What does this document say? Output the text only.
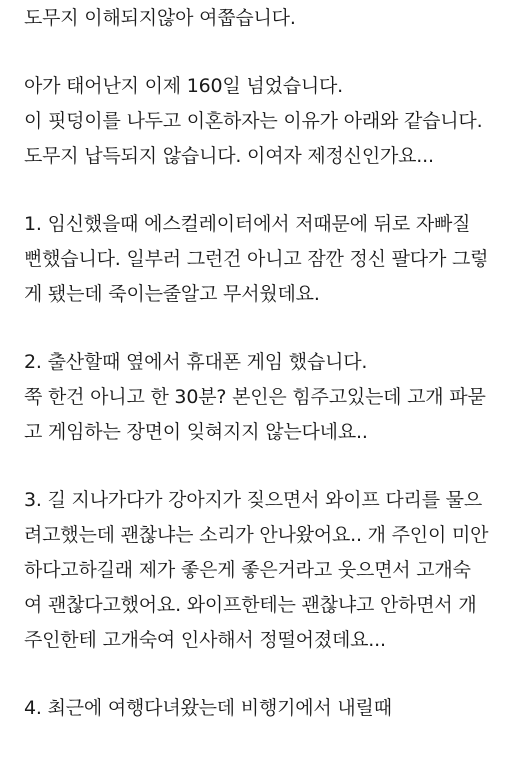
도무지 이해되지않아 여쭙습니다.
아가 태어난지 이제 160일 넘었습니다.
이 핏덩이를 나두고 이혼하자는 이유가 아래와 같습니다.
도무지 납득되지 않습니다. 이여자 제정신인가요...
1. 임신했을때 에스컬레이터에서 저때문에 뒤로 자빠질
뻔했습니다. 일부러 그런건 아니고 잠깐 정신 팔다가 그렇
게 됐는데 죽이는줄알고 무서웠데요.
2. 출산할때 옆에서 휴대폰 게임 했습니다.
쭉 한건 아니고 한 30분? 본인은 힘주고있는데 고개 파묻
고 게임하는 장면이 잊혀지지 않는다네요..
3. 길 지나가다가 강아지가 짖으면서 와이프 다리를 물으
려고했는데 괜찮냐는 소리가 안나왔어요.. 개 주인이 미안
하다고하길래 제가 좋은게 좋은거라고 웃으면서 고개숙
여 괜찮다고했어요. 와이프한테는 괜찮냐고 안하면서 개
주인한테 고개숙여 인사해서 정떨어졌데요...
4. 최근에 여행다녀왔는데 비행기에서 내릴때
